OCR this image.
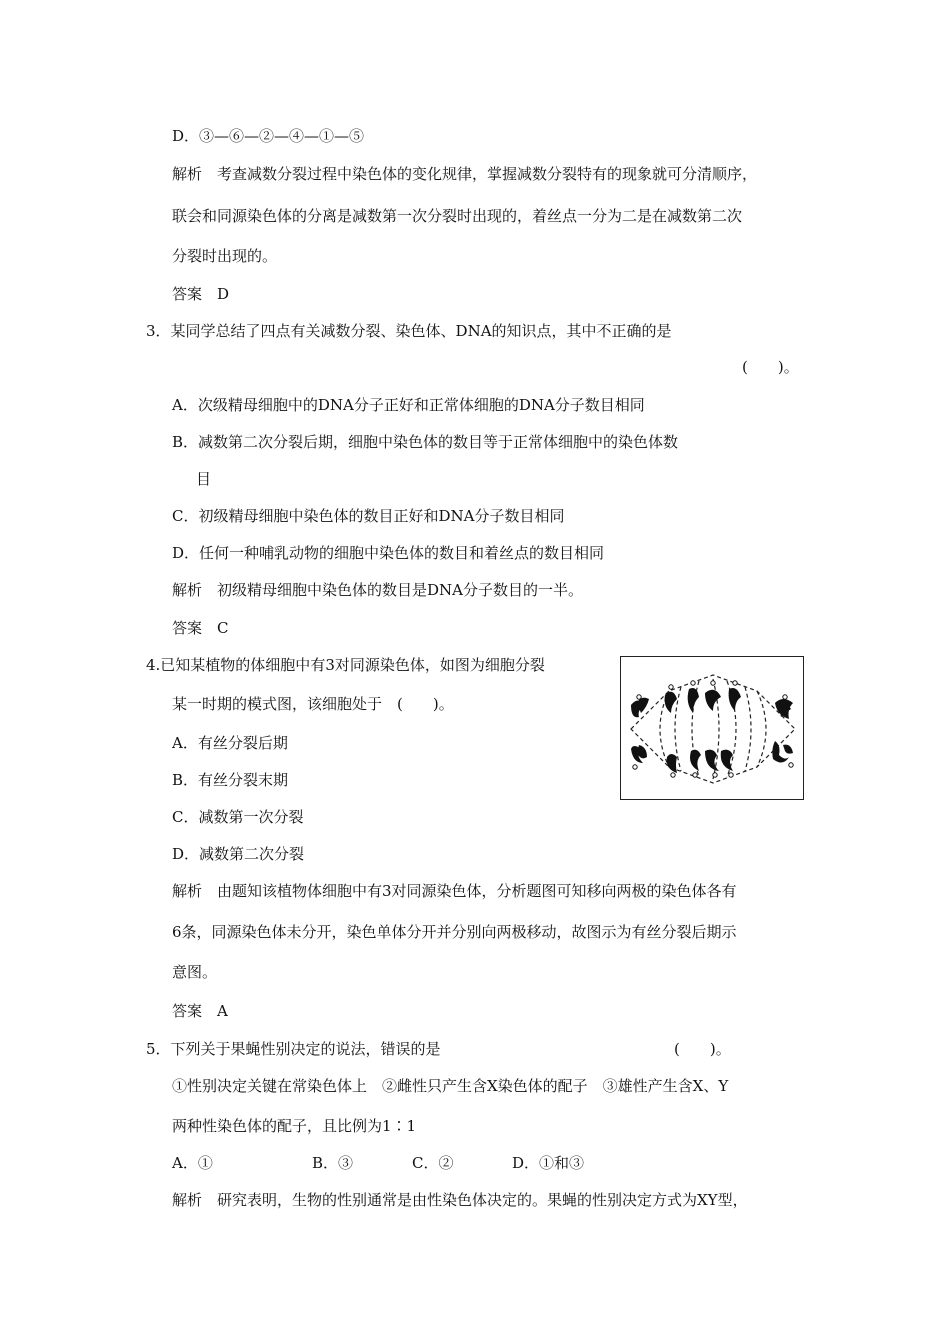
D．③—⑥—②—④—①—⑤
解析　考查减数分裂过程中染色体的变化规律，掌握减数分裂特有的现象就可分清顺序，
联会和同源染色体的分离是减数第一次分裂时出现的，着丝点一分为二是在减数第二次
分裂时出现的。
答案　D
3．某同学总结了四点有关减数分裂、染色体、DNA的知识点，其中不正确的是
(　　)。
A．次级精母细胞中的DNA分子正好和正常体细胞的DNA分子数目相同
B．减数第二次分裂后期，细胞中染色体的数目等于正常体细胞中的染色体数
目
C．初级精母细胞中染色体的数目正好和DNA分子数目相同
D．任何一种哺乳动物的细胞中染色体的数目和着丝点的数目相同
解析　初级精母细胞中染色体的数目是DNA分子数目的一半。
答案　C
4.已知某植物的体细胞中有3对同源染色体，如图为细胞分裂
某一时期的模式图，该细胞处于　(　　)。
A．有丝分裂后期
B．有丝分裂末期
C．减数第一次分裂
D．减数第二次分裂
解析　由题知该植物体细胞中有3对同源染色体，分析题图可知移向两极的染色体各有
6条，同源染色体未分开，染色单体分开并分别向两极移动，故图示为有丝分裂后期示
意图。
答案　A
5．下列关于果蝇性别决定的说法，错误的是	(　　)。
①性别决定关键在常染色体上　②雌性只产生含X染色体的配子　③雄性产生含X、Y
两种性染色体的配子，且比例为1∶1
A．①	B．③	C．②	D．①和③
解析　研究表明，生物的性别通常是由性染色体决定的。果蝇的性别决定方式为XY型，
